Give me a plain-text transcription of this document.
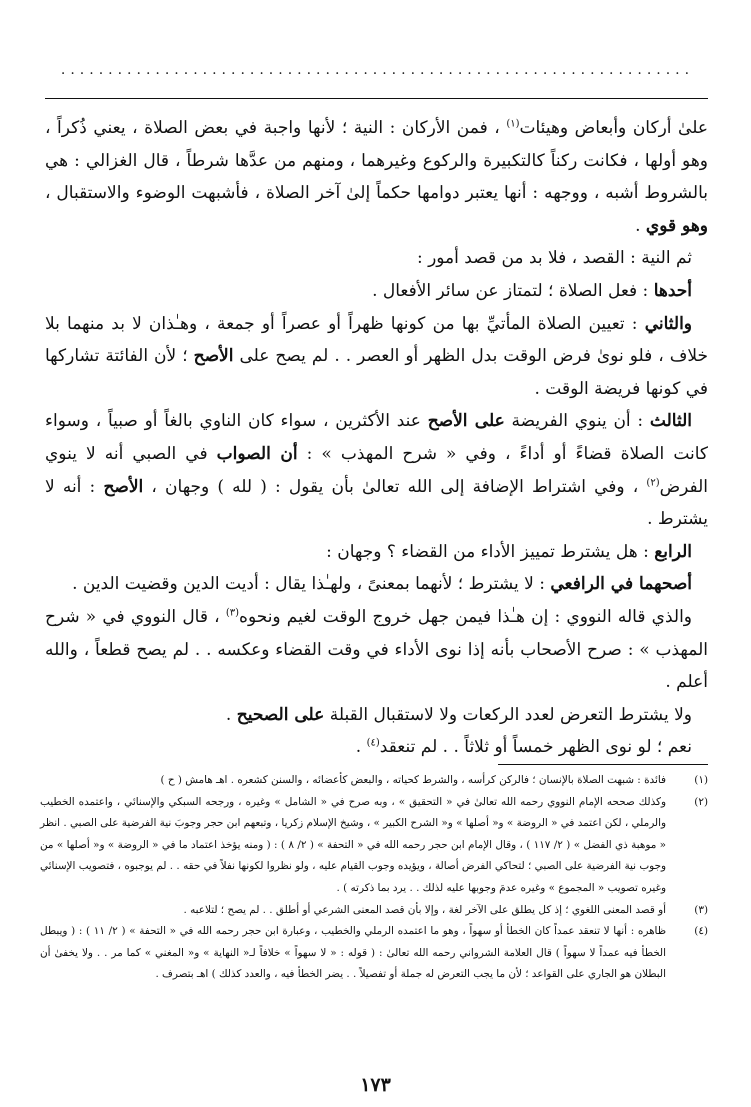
...................................................................

علىٰ أركان وأبعاض وهيئات$^{(١)}$ ، فمن الأركان : النية ؛ لأنها واجبة في بعض الصلاة ، يعني ذُكراً ، وهو أولها ، فكانت ركناً كالتكبيرة والركوع وغيرهما ، ومنهم من عدَّها شرطاً ، قال الغزالي : هي بالشروط أشبه ، ووجهه : أنها يعتبر دوامها حكماً إلىٰ آخر الصلاة ، فأشبهت الوضوء والاستقبال ، وهو قوي .

ثم النية : القصد ، فلا بد من قصد أمور :

أحدها : فعل الصلاة ؛ لتمتاز عن سائر الأفعال .

والثاني : تعيين الصلاة المأتيِّ بها من كونها ظهراً أو عصراً أو جمعة ، وهـٰذان لا بد منهما بلا خلاف ، فلو نوىٰ فرض الوقت بدل الظهر أو العصر . . لم يصح على الأصح ؛ لأن الفائتة تشاركها في كونها فريضة الوقت .

الثالث : أن ينوي الفريضة على الأصح عند الأكثرين ، سواء كان الناوي بالغاً أو صبياً ، وسواء كانت الصلاة قضاءً أو أداءً ، وفي « شرح المهذب » : أن الصواب في الصبي أنه لا ينوي الفرض$^{(٢)}$ ، وفي اشتراط الإضافة إلى الله تعالىٰ بأن يقول : ( لله ) وجهان ، الأصح : أنه لا يشترط .

الرابع : هل يشترط تمييز الأداء من القضاء ؟ وجهان :

أصحهما في الرافعي : لا يشترط ؛ لأنهما بمعنىً ، ولهـٰذا يقال : أديت الدين وقضيت الدين .

والذي قاله النووي : إن هـٰذا فيمن جهل خروج الوقت لغيم ونحوه$^{(٣)}$ ، قال النووي في « شرح المهذب » : صرح الأصحاب بأنه إذا نوى الأداء في وقت القضاء وعكسه . . لم يصح قطعاً ، والله أعلم .

ولا يشترط التعرض لعدد الركعات ولا لاستقبال القبلة على الصحيح .

نعم ؛ لو نوى الظهر خمساً أو ثلاثاً . . لم تنعقد$^{(٤)}$ .

(١)
فائدة : شبهت الصلاة بالإنسان ؛ فالركن كرأسه ، والشرط كحياته ، والبعض كأعضائه ، والسنن كشعره . اهـ هامش ( ح )
(٢)
وكذلك صححه الإمام النووي رحمه الله تعالىٰ في « التحقيق » ، وبه صرح في « الشامل » وغيره ، ورجحه السبكي والإسنائي ، واعتمده الخطيب والرملي ، لكن اعتمد في « الروضة » و« أصلها » و« الشرح الكبير » ، وشيخ الإسلام زكريا ، وتبعهم ابن حجر وجوبَ نية الفرضية على الصبي . انظر « موهبة ذي الفضل » ( ٢/ ١١٧ ) ، وقال الإمام ابن حجر رحمه الله في « التحفة » ( ٢/ ٨ ) : ( ومنه يؤخذ اعتماد ما في « الروضة » و« أصلها » من وجوب نية الفرضية على الصبي ؛ لتحاكي الفرض أصالة ، ويؤيده وجوب القيام عليه ، ولو نظروا لكونها نفلاً في حقه . . لم يوجبوه ، فتصويب الإسنائي وغيره تصويب « المجموع » وغيره عدمَ وجوبها عليه لذلك . . يرد بما ذكرته ) .
(٣)
أو قصد المعنى اللغوي ؛ إذ كل يطلق على الآخر لغة ، وإلا بأن قصد المعنى الشرعي أو أطلق . . لم يصح ؛ لتلاعبه .
(٤)
ظاهره : أنها لا تنعقد عمداً كان الخطأ أو سهواً ، وهو ما اعتمده الرملي والخطيب ، وعبارة ابن حجر رحمه الله في « التحفة » ( ٢/ ١١ ) : ( ويبطل الخطأ فيه عمداً لا سهواً ) قال العلامة الشرواني رحمه الله تعالىٰ : ( قوله : « لا سهواً » خلافاً لـ« النهاية » و« المغني » كما مر . . ولا يخفىٰ أن البطلان هو الجاري على القواعد ؛ لأن ما يجب التعرض له جملة أو تفصيلاً . . يضر الخطأ فيه ، والعدد كذلك ) اهـ بتصرف .
١٧٣
